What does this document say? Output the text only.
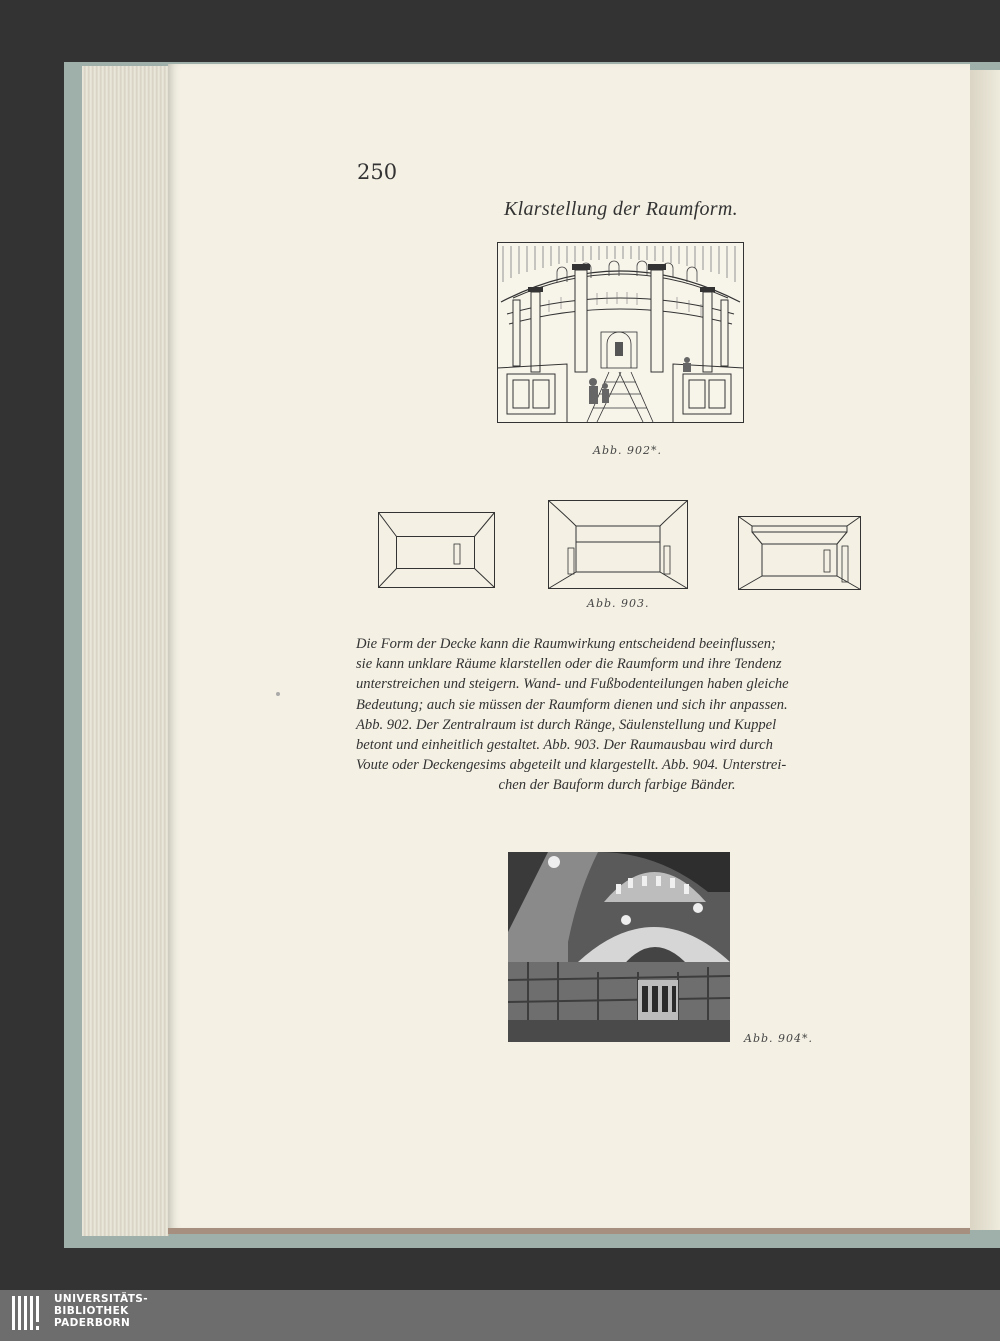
250
Klarstellung der Raumform.
Abb. 902*.
Abb. 903.
Die Form der Decke kann die Raumwirkung entscheidend beeinflussen;
sie kann unklare Räume klarstellen oder die Raumform und ihre Tendenz
unterstreichen und steigern. Wand- und Fußbodenteilungen haben gleiche
Bedeutung; auch sie müssen der Raumform dienen und sich ihr anpassen.
Abb. 902. Der Zentralraum ist durch Ränge, Säulenstellung und Kuppel
betont und einheitlich gestaltet. Abb. 903. Der Raumausbau wird durch
Voute oder Deckengesims abgeteilt und klargestellt. Abb. 904. Unterstrei-
chen der Bauform durch farbige Bänder.
Abb. 904*.
UNIVERSITÄTS-
BIBLIOTHEK
PADERBORN
